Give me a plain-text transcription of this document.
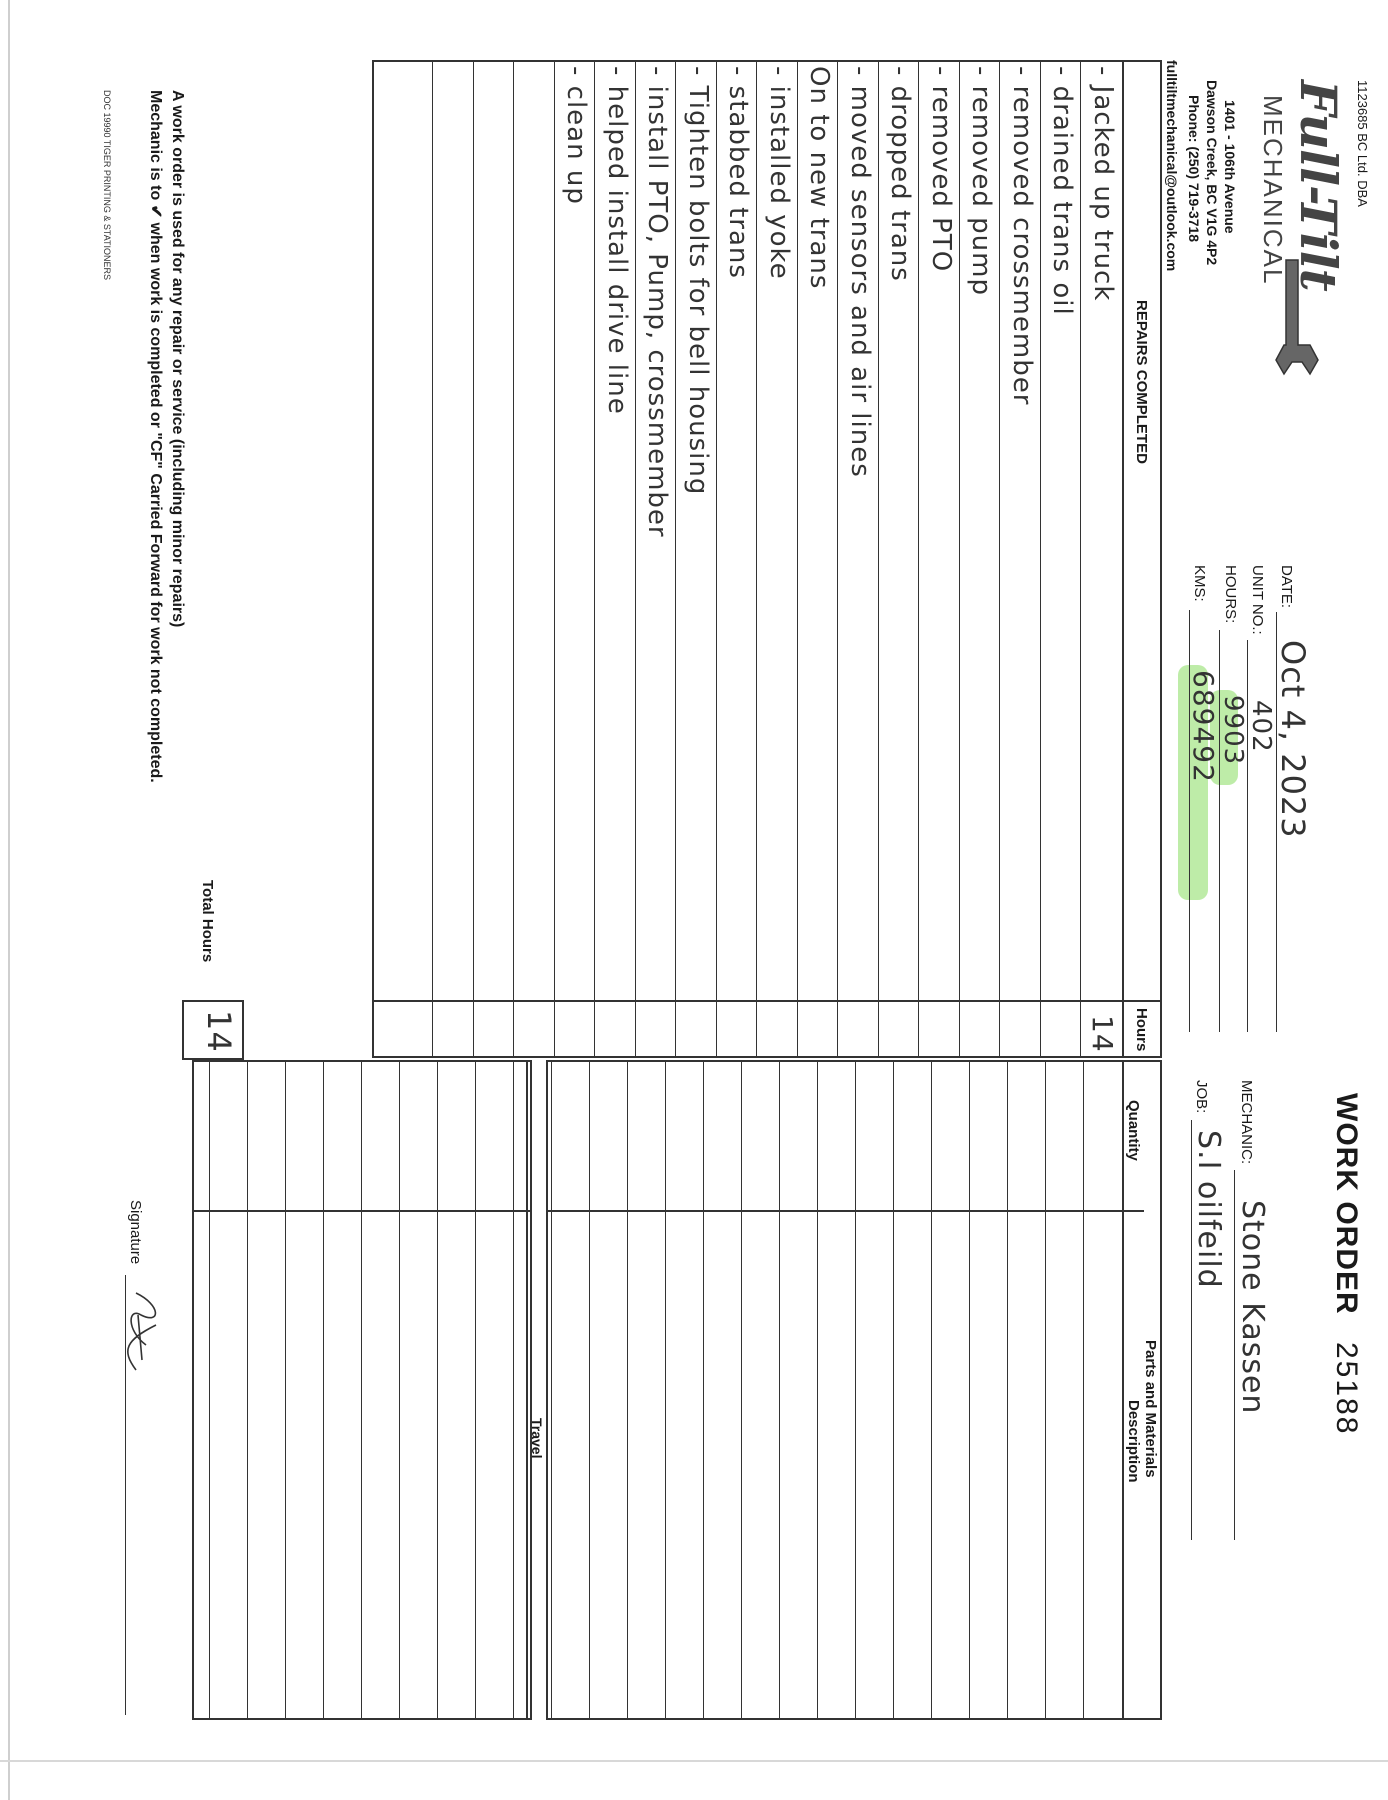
1123685 BC Ltd. DBA
Full-Tilt
MECHANICAL
1401 - 106th Avenue
Dawson Creek, BC V1G 4P2
Phone: (250) 719-3718
fulltiltmechanical@outlook.com
DATE:
Oct 4, 2023
UNIT NO.:
402
HOURS:
9903
KMS:
689492
WORK ORDER
25188
MECHANIC:
Stone Kassen
JOB:
S.I oilfeild
REPAIRS COMPLETED
Hours
Total Hours
14
Parts and Materials
Quantity
Description
Travel
A work order is used for any repair or service (including minor repairs)
Mechanic is to ✔ when work is completed or "CF" Carried Forward for work not completed.
DOC 19990 TIGER PRINTING & STATIONERS
Signature
- Jacked up truck
- drained trans oil
- removed crossmember
- removed pump
- removed PTO
- dropped trans
- moved sensors and air lines
On to new trans
- installed yoke
- stabbed trans
- Tighten bolts for bell housing
- install PTO, Pump, crossmember
- helped install drive line
- clean up
14
